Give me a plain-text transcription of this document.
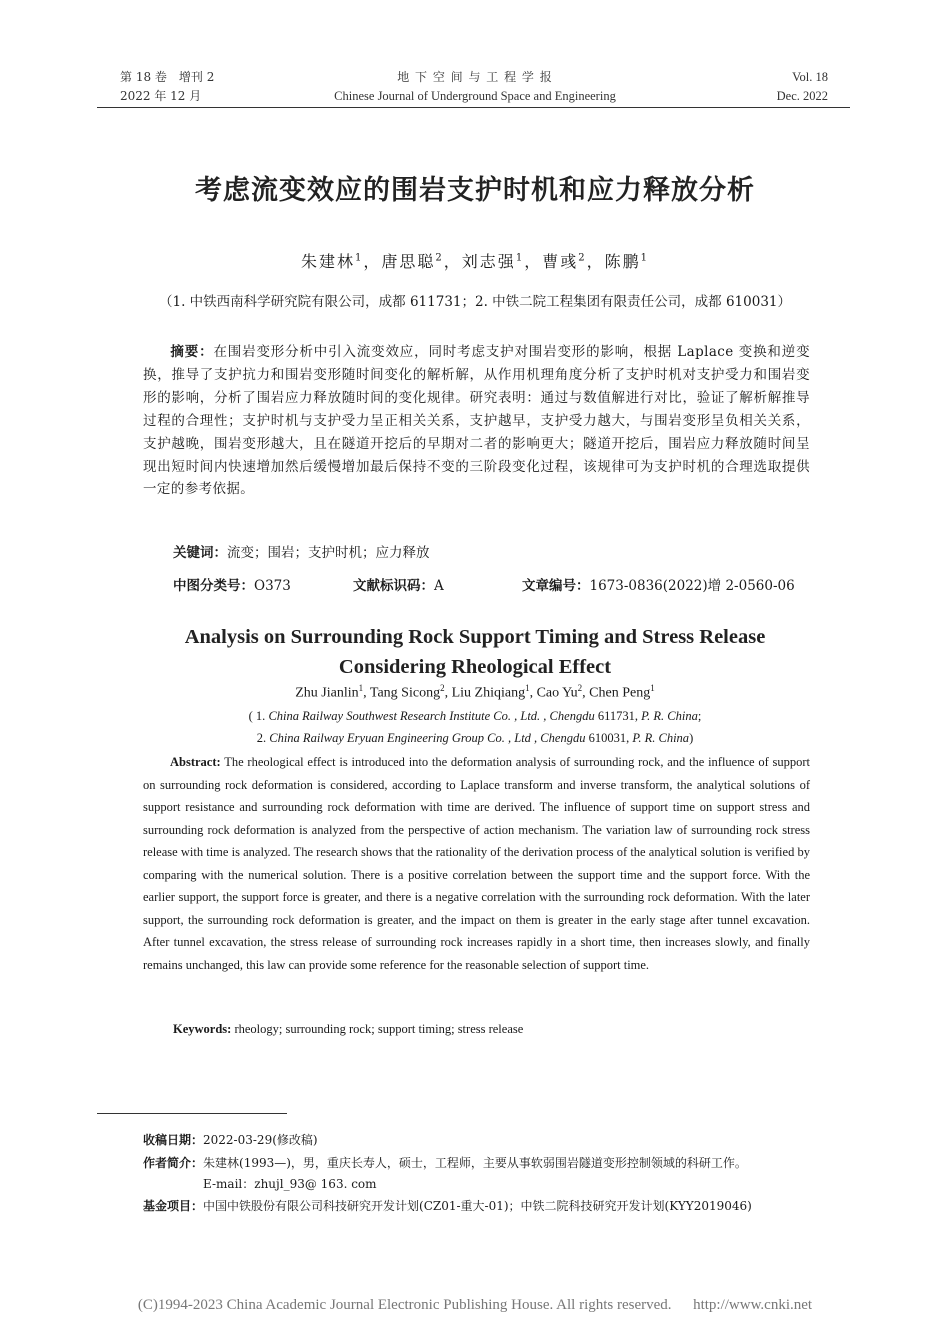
第 18 卷　增刊 2
2022 年 12 月
地 下 空 间 与 工 程 学 报
Chinese Journal of Underground Space and Engineering
Vol. 18
Dec. 2022
考虑流变效应的围岩支护时机和应力释放分析
朱建林$^1$，唐思聪$^2$，刘志强$^1$，曹彧$^2$，陈鹏$^1$
（1. 中铁西南科学研究院有限公司，成都 611731；2. 中铁二院工程集团有限责任公司，成都 610031）
摘要：在围岩变形分析中引入流变效应，同时考虑支护对围岩变形的影响，根据 Laplace 变换和逆变换，推导了支护抗力和围岩变形随时间变化的解析解，从作用机理角度分析了支护时机对支护受力和围岩变形的影响，分析了围岩应力释放随时间的变化规律。研究表明：通过与数值解进行对比，验证了解析解推导过程的合理性；支护时机与支护受力呈正相关关系，支护越早，支护受力越大，与围岩变形呈负相关关系，支护越晚，围岩变形越大，且在隧道开挖后的早期对二者的影响更大；隧道开挖后，围岩应力释放随时间呈现出短时间内快速增加然后缓慢增加最后保持不变的三阶段变化过程，该规律可为支护时机的合理选取提供一定的参考依据。
关键词：流变；围岩；支护时机；应力释放
中图分类号：O373	文献标识码：A	文章编号：1673-0836(2022)增 2-0560-06
Analysis on Surrounding Rock Support Timing and Stress Release
Considering Rheological Effect
Zhu Jianlin$^1$, Tang Sicong$^2$, Liu Zhiqiang$^1$, Cao Yu$^2$, Chen Peng$^1$
( 1. China Railway Southwest Research Institute Co. , Ltd. , Chengdu 611731, P. R. China;
2. China Railway Eryuan Engineering Group Co. , Ltd , Chengdu 610031, P. R. China)
Abstract: The rheological effect is introduced into the deformation analysis of surrounding rock, and the influence of support on surrounding rock deformation is considered, according to Laplace transform and inverse transform, the analytical solutions of support resistance and surrounding rock deformation with time are derived. The influence of support time on support stress and surrounding rock deformation is analyzed from the perspective of action mechanism. The variation law of surrounding rock stress release with time is analyzed. The research shows that the rationality of the derivation process of the analytical solution is verified by comparing with the numerical solution. There is a positive correlation between the support time and the support force. With the earlier support, the support force is greater, and there is a negative correlation with the surrounding rock deformation. With the later support, the surrounding rock deformation is greater, and the impact on them is greater in the early stage after tunnel excavation. After tunnel excavation, the stress release of surrounding rock increases rapidly in a short time, then increases slowly, and finally remains unchanged, this law can provide some reference for the reasonable selection of support time.
Keywords: rheology; surrounding rock; support timing; stress release
收稿日期：2022-03-29(修改稿)
作者简介：朱建林(1993—)，男，重庆长寿人，硕士，工程师，主要从事软弱围岩隧道变形控制领域的科研工作。
E-mail：zhujl_93@ 163. com
基金项目：中国中铁股份有限公司科技研究开发计划(CZ01-重大-01)；中铁二院科技研究开发计划(KYY2019046)
(C)1994-2023 China Academic Journal Electronic Publishing House. All rights reserved. http://www.cnki.net
